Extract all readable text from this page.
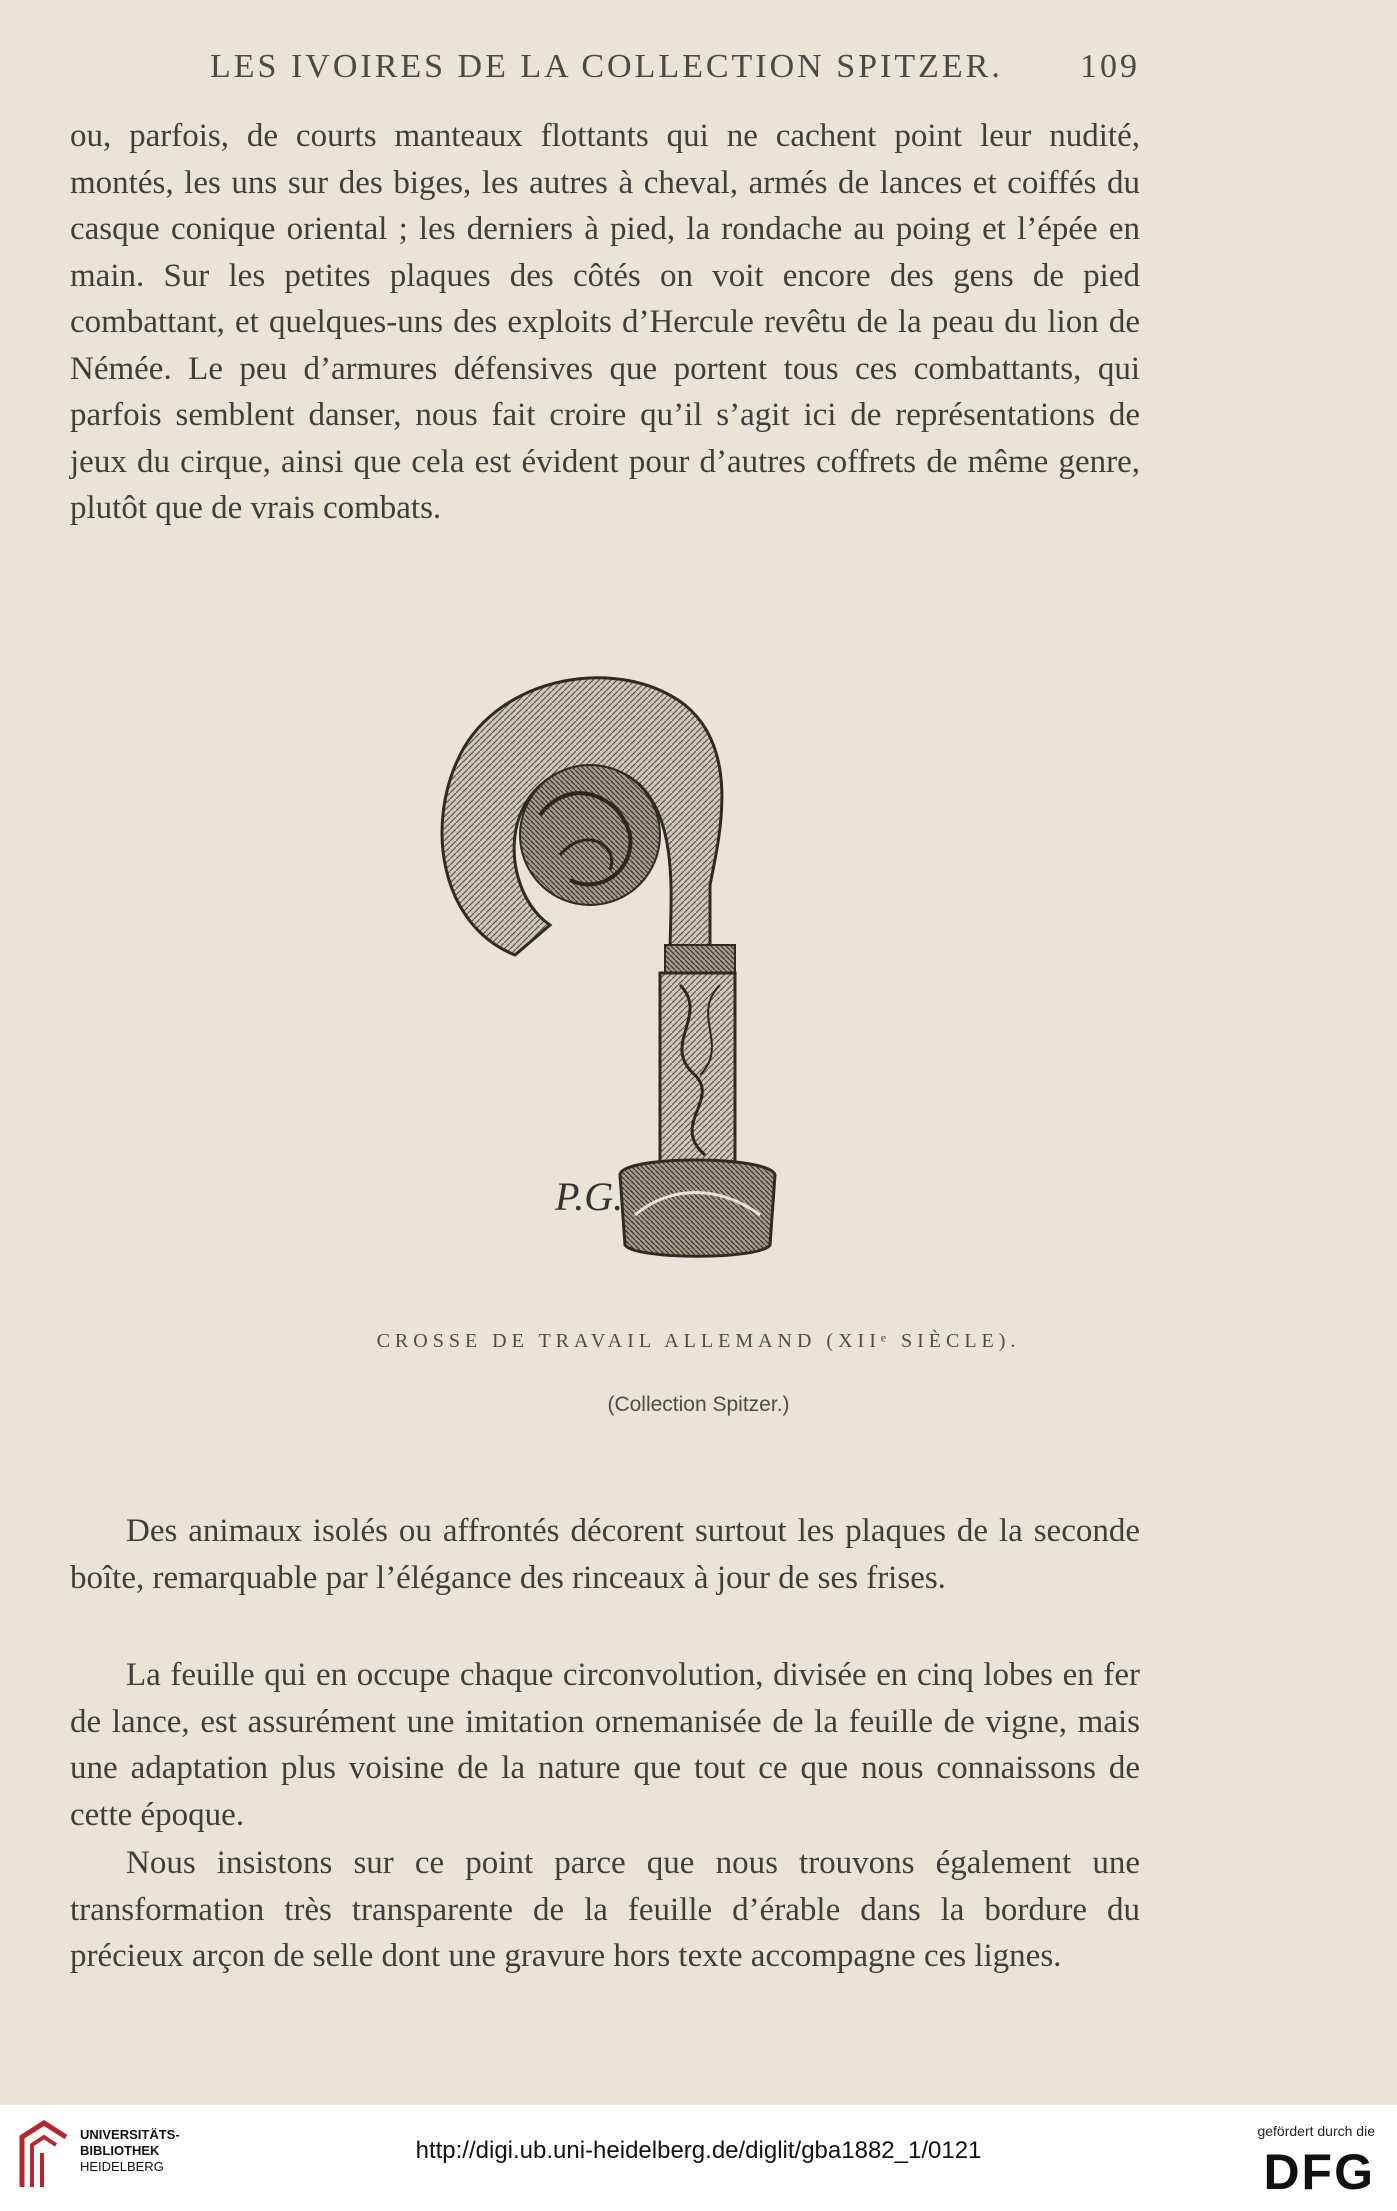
LES IVOIRES DE LA COLLECTION SPITZER. 109

ou, parfois, de courts manteaux flottants qui ne cachent point leur nudité, montés, les uns sur des biges, les autres à cheval, armés de lances et coiffés du casque conique oriental ; les derniers à pied, la rondache au poing et l’épée en main. Sur les petites plaques des côtés on voit encore des gens de pied combattant, et quelques-uns des exploits d’Hercule revêtu de la peau du lion de Némée. Le peu d’armures défensives que portent tous ces combattants, qui parfois semblent danser, nous fait croire qu’il s’agit ici de représentations de jeux du cirque, ainsi que cela est évident pour d’autres coffrets de même genre, plutôt que de vrais combats.

P.G.
CROSSE DE TRAVAIL ALLEMAND (XIIᵉ SIÈCLE).
(Collection Spitzer.)

Des animaux isolés ou affrontés décorent surtout les plaques de la seconde boîte, remarquable par l’élégance des rinceaux à jour de ses frises.

La feuille qui en occupe chaque circonvolution, divisée en cinq lobes en fer de lance, est assurément une imitation ornemanisée de la feuille de vigne, mais une adaptation plus voisine de la nature que tout ce que nous connaissons de cette époque.

Nous insistons sur ce point parce que nous trouvons également une transformation très transparente de la feuille d’érable dans la bordure du précieux arçon de selle dont une gravure hors texte accompagne ces lignes.

UNIVERSITÄTS-
BIBLIOTHEK
HEIDELBERG
http://digi.ub.uni-heidelberg.de/diglit/gba1882_1/0121
gefördert durch die
DFG
